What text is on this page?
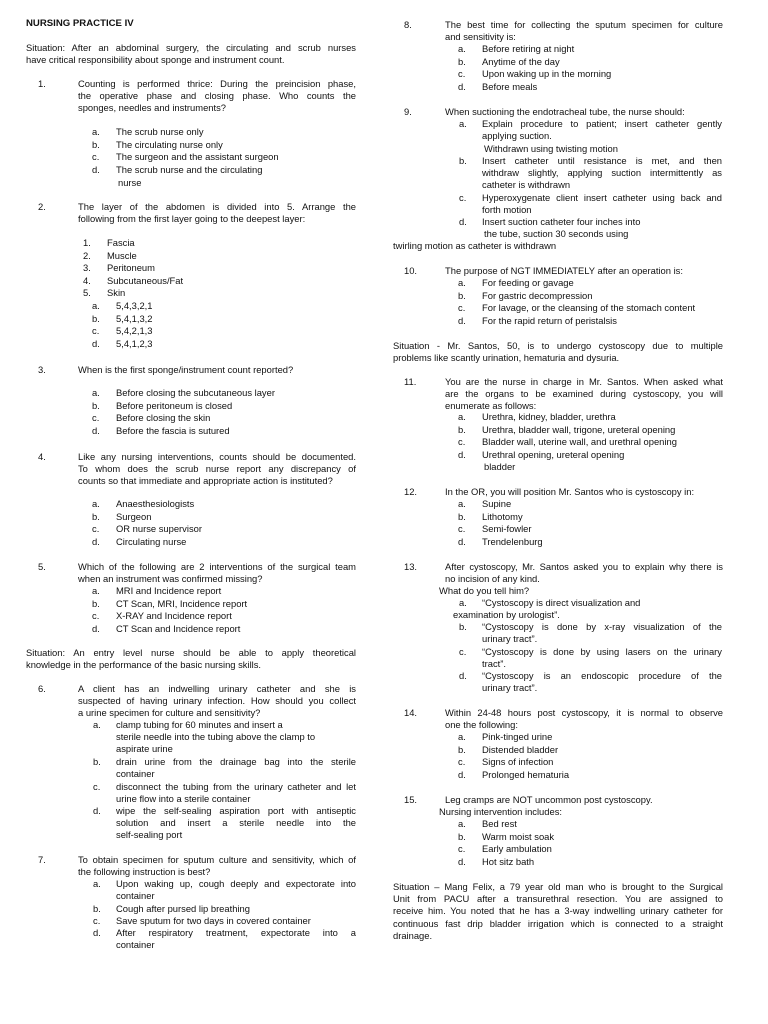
NURSING PRACTICE IV
Situation: After an abdominal surgery, the circulating and scrub nurses
have critical responsibility about sponge and instrument count.
1.	Counting is performed thrice: During the preincision phase,
the operative phase and closing phase. Who counts the
sponges, needles and instruments?
a. The scrub nurse only
b. The circulating nurse only
c. The surgeon and the assistant surgeon
d. The scrub nurse and the circulating
nurse
2.	The layer of the abdomen is divided into 5. Arrange the
following from the first layer going to the deepest layer:
1. Fascia
2. Muscle
3. Peritoneum
4. Subcutaneous/Fat
5. Skin
a. 5,4,3,2,1
b. 5,4,1,3,2
c. 5,4,2,1,3
d. 5,4,1,2,3
3.	When is the first sponge/instrument count reported?
a. Before closing the subcutaneous layer
b. Before peritoneum is closed
c. Before closing the skin
d. Before the fascia is sutured
4.	Like any nursing interventions, counts should be documented.
To whom does the scrub nurse report any discrepancy of
counts so that immediate and appropriate action is instituted?
a. Anaesthesiologists
b. Surgeon
c. OR nurse supervisor
d. Circulating nurse
5.	Which of the following are 2 interventions of the surgical team
when an instrument was confirmed missing?
a. MRI and Incidence report
b. CT Scan, MRI, Incidence report
c. X-RAY and Incidence report
d. CT Scan and Incidence report
Situation: An entry level nurse should be able to apply theoretical
knowledge in the performance of the basic nursing skills.
6.	A client has an indwelling urinary catheter and she is
suspected of having urinary infection. How should you collect
a urine specimen for culture and sensitivity?
a. clamp tubing for 60 minutes and insert a
sterile needle into the tubing above the clamp to
aspirate urine
b. drain urine from the drainage bag into the sterile
container
c. disconnect the tubing from the urinary catheter and let
urine flow into a sterile container
d. wipe the self-sealing aspiration port with antiseptic
solution and insert a sterile needle into the
self-sealing port
7.	To obtain specimen for sputum culture and sensitivity, which of
the following instruction is best?
a. Upon waking up, cough deeply and expectorate into
container
b. Cough after pursed lip breathing
c. Save sputum for two days in covered container
d. After respiratory treatment, expectorate into a
container
8.	The best time for collecting the sputum specimen for culture
and sensitivity is:
a. Before retiring at night
b. Anytime of the day
c. Upon waking up in the morning
d. Before meals
9.	When suctioning the endotracheal tube, the nurse should:
a. Explain procedure to patient; insert catheter gently
applying suction.
Withdrawn using twisting motion
b. Insert catheter until resistance is met, and then
withdraw slightly, applying suction intermittently as
catheter is withdrawn
c. Hyperoxygenate client insert catheter using back and
forth motion
d. Insert suction catheter four inches into
the tube, suction 30 seconds using
twirling motion as catheter is withdrawn
10.	The purpose of NGT IMMEDIATELY after an operation is:
a. For feeding or gavage
b. For gastric decompression
c. For lavage, or the cleansing of the stomach content
d. For the rapid return of peristalsis
Situation - Mr. Santos, 50, is to undergo cystoscopy due to multiple
problems like scantly urination, hematuria and dysuria.
11.	You are the nurse in charge in Mr. Santos. When asked what
are the organs to be examined during cystoscopy, you will
enumerate as follows:
a. Urethra, kidney, bladder, urethra
b. Urethra, bladder wall, trigone, ureteral opening
c. Bladder wall, uterine wall, and urethral opening
d. Urethral opening, ureteral opening
bladder
12.	In the OR, you will position Mr. Santos who is cystoscopy in:
a. Supine
b. Lithotomy
c. Semi-fowler
d. Trendelenburg
13.	After cystoscopy, Mr. Santos asked you to explain why there is
no incision of any kind.
What do you tell him?
a. “Cystoscopy is direct visualization and
examination by urologist”.
b. “Cystoscopy is done by x-ray visualization of the
urinary tract”.
c. “Cystoscopy is done by using lasers on the urinary
tract”.
d. “Cystoscopy is an endoscopic procedure of the
urinary tract”.
14.	Within 24-48 hours post cystoscopy, it is normal to observe
one the following:
a. Pink-tinged urine
b. Distended bladder
c. Signs of infection
d. Prolonged hematuria
15.	Leg cramps are NOT uncommon post cystoscopy.
Nursing intervention includes:
a. Bed rest
b. Warm moist soak
c. Early ambulation
d. Hot sitz bath
Situation – Mang Felix, a 79 year old man who is brought to the Surgical
Unit from PACU after a transurethral resection. You are assigned to
receive him. You noted that he has a 3-way indwelling urinary catheter for
continuous fast drip bladder irrigation which is connected to a straight
drainage.
